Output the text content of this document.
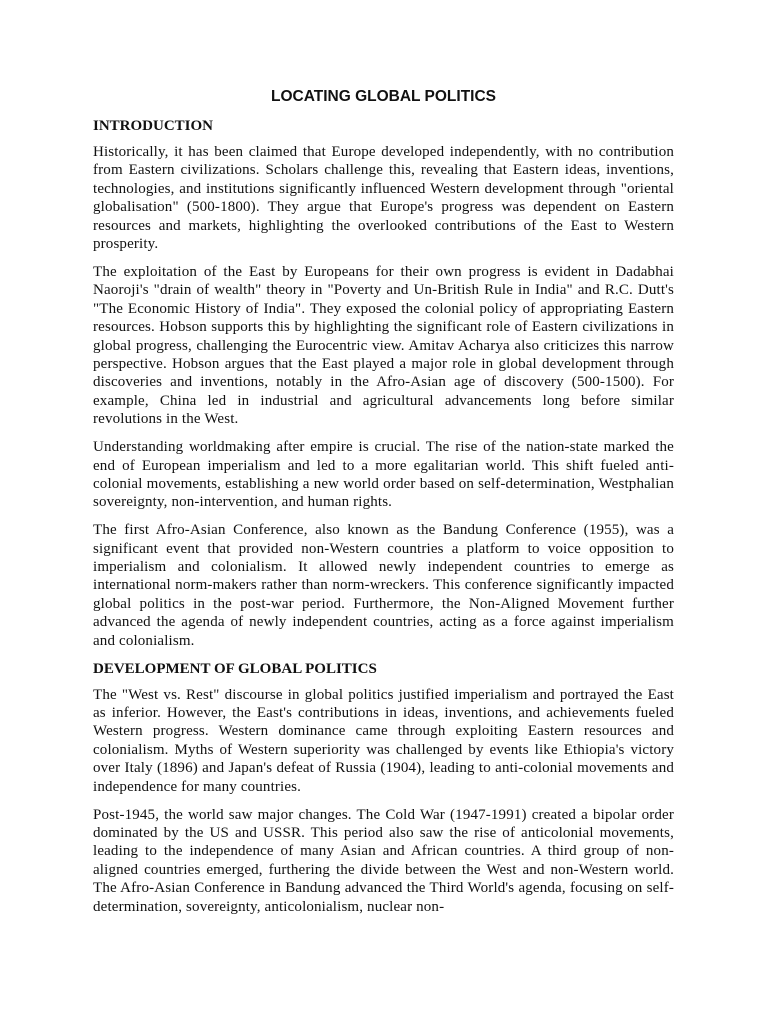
LOCATING GLOBAL POLITICS
INTRODUCTION

Historically, it has been claimed that Europe developed independently, with no contribution from Eastern civilizations. Scholars challenge this, revealing that Eastern ideas, inventions, technologies, and institutions significantly influenced Western development through "oriental globalisation" (500-1800). They argue that Europe's progress was dependent on Eastern resources and markets, highlighting the overlooked contributions of the East to Western prosperity.

The exploitation of the East by Europeans for their own progress is evident in Dadabhai Naoroji's "drain of wealth" theory in "Poverty and Un-British Rule in India" and R.C. Dutt's "The Economic History of India". They exposed the colonial policy of appropriating Eastern resources. Hobson supports this by highlighting the significant role of Eastern civilizations in global progress, challenging the Eurocentric view. Amitav Acharya also criticizes this narrow perspective. Hobson argues that the East played a major role in global development through discoveries and inventions, notably in the Afro-Asian age of discovery (500-1500). For example, China led in industrial and agricultural advancements long before similar revolutions in the West.

Understanding worldmaking after empire is crucial. The rise of the nation-state marked the end of European imperialism and led to a more egalitarian world. This shift fueled anti-colonial movements, establishing a new world order based on self-determination, Westphalian sovereignty, non-intervention, and human rights.

The first Afro-Asian Conference, also known as the Bandung Conference (1955), was a significant event that provided non-Western countries a platform to voice opposition to imperialism and colonialism. It allowed newly independent countries to emerge as international norm-makers rather than norm-wreckers. This conference significantly impacted global politics in the post-war period. Furthermore, the Non-Aligned Movement further advanced the agenda of newly independent countries, acting as a force against imperialism and colonialism.

DEVELOPMENT OF GLOBAL POLITICS

The "West vs. Rest" discourse in global politics justified imperialism and portrayed the East as inferior. However, the East's contributions in ideas, inventions, and achievements fueled Western progress. Western dominance came through exploiting Eastern resources and colonialism. Myths of Western superiority was challenged by events like Ethiopia's victory over Italy (1896) and Japan's defeat of Russia (1904), leading to anti-colonial movements and independence for many countries.

Post-1945, the world saw major changes. The Cold War (1947-1991) created a bipolar order dominated by the US and USSR. This period also saw the rise of anticolonial movements, leading to the independence of many Asian and African countries. A third group of non-aligned countries emerged, furthering the divide between the West and non-Western world. The Afro-Asian Conference in Bandung advanced the Third World's agenda, focusing on self-determination, sovereignty, anticolonialism, nuclear non-
